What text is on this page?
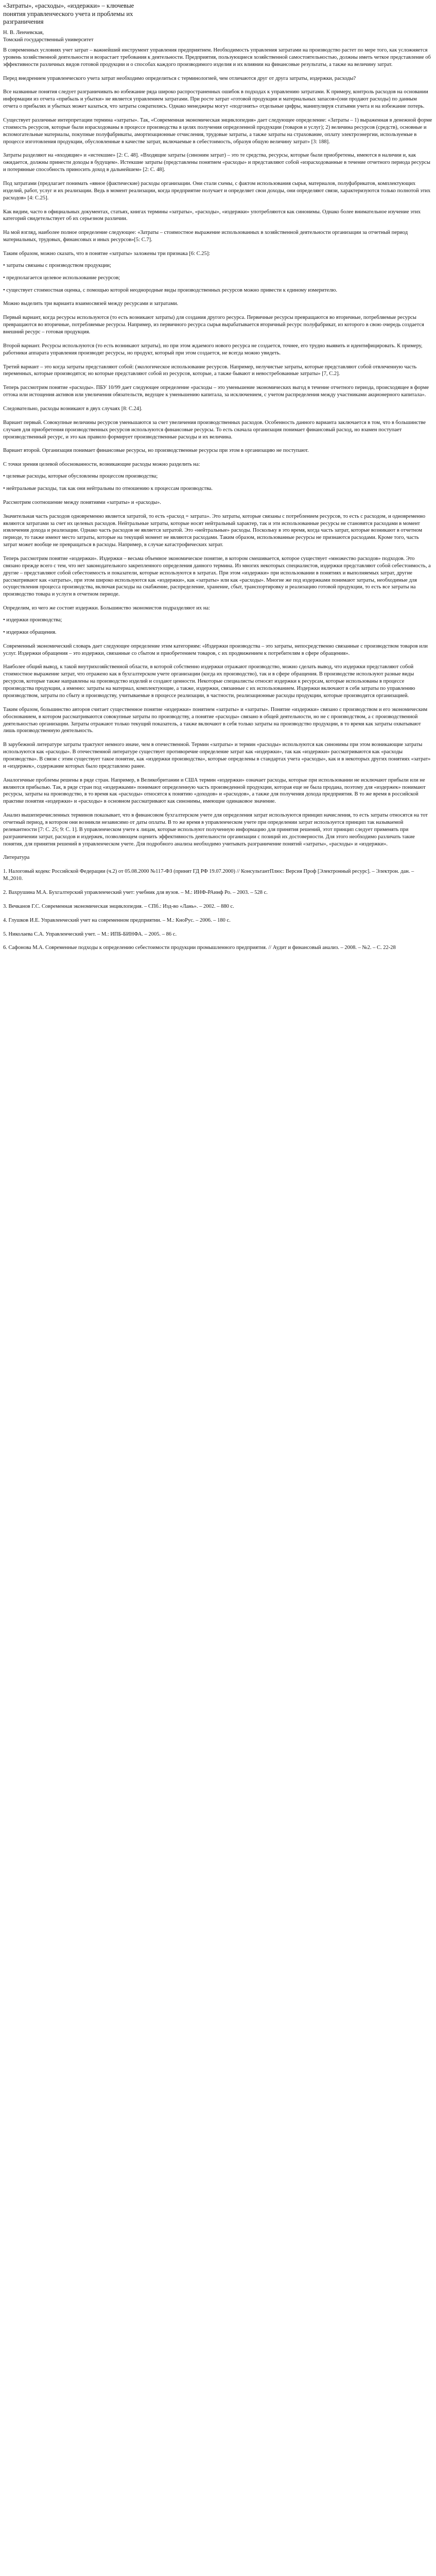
«Затраты», «расходы», «издержки» – ключевые понятия управленческого учета и проблемы их разграничения

Н. В. Ленчевская,

Томский государственный университет

В современных условиях учет затрат – важнейший инструмент управления предприятием. Необходимость управления затратами на производство растет по мере того, как усложняется уровень хозяйственной деятельности и возрастает требования к деятельности. Предприятия, пользующиеся хозяйственной самостоятельностью, должны иметь четкое представление об эффективности различных видов готовой продукции и о способах каждого производимого изделия и их влиянии на финансовые результаты, а также на величину затрат.

Перед внедрением управленческого учета затрат необходимо определиться с терминологией, чем отличаются друг от друга затраты, издержки, расходы?

Все названные понятия следует разграничивать во избежание ряда широко распространенных ошибок в подходах к управлению затратами. К примеру, контроль расходов на основании информации из отчета «прибыль и убытки» не является управлением затратами. При росте затрат «готовой продукции и материальных запасов»(они продают расходы) по данным отчета о прибылях и убытках может казаться, что затраты сократились. Однако менеджеры могут «подгонять» отдельные цифры, манипулируя статьями учета и на избежание потерь.

Существует различные интерпретации термина «затраты». Так, «Современная экономическая энциклопедия» дает следующее определение: «Затраты – 1) выраженная в денежной форме стоимость ресурсов, которые были израсходованы в процессе производства в целях получения определенной продукции (товаров и услуг); 2) величина ресурсов (средств), основные и вспомогательные материалы, покупные полуфабрикаты, амортизационные отчисления, трудовые затраты, а также затраты на страхование, оплату электроэнергии, используемые в процессе изготовления продукции, обусловленные в качестве затрат, включаемые в себестоимость, образуя общую величину затрат» [3: 188].

Затраты разделяют на «входящие» и «истекшие» [2: С. 48]. «Входящие затраты (синоним затрат) – это те средства, ресурсы, которые были приобретены, имеются в наличии и, как ожидается, должны принести доходы в будущем». Истекшие затраты (представлены понятием «расходы» и представляют собой «израсходованные в течение отчетного периода ресурсы и потерянные способность приносить доход в дальнейшем» [2: С. 48].

Под затратами (предлагает понимать «явное (фактические) расходы организации. Они стали схемы, с фактом использования сырья, материалов, полуфабрикатов, комплектующих изделий, работ, услуг и их реализации. Ведь в момент реализации, когда предприятие получает и определяет свои доходы, они определяют связи, характеризуются только полнотой этих расходов» [4: С.25].

Как видим, часто в официальных документах, статьях, книгах термины «затраты», «расходы», «издержки» употребляются как синонимы. Однако более внимательное изучение этих категорий свидетельствует об их серьезном различии.

На мой взгляд, наиболее полное определение следующее: «Затраты – стоимостное выражение использованных в хозяйственной деятельности организации за отчетный период материальных, трудовых, финансовых и иных ресурсов»[5: С.7].

Таким образом, можно сказать, что в понятие «затраты» заложены три признака [6: С.25]:

• затраты связаны с производством продукции;

• предполагается целевое использование ресурсов;

• существует стоимостная оценка, с помощью которой неоднородные виды производственных ресурсов можно привести к единому измерителю.

Можно выделить три варианта взаимосвязей между ресурсами и затратами.

Первый вариант, когда ресурсы используются (то есть возникают затраты) для создания другого ресурса. Первичные ресурсы превращаются во вторичные, потребляемые ресурсы превращаются во вторичные, потребляемые ресурсы. Например, из первичного ресурса сырья вырабатывается вторичный ресурс полуфабрикат, из которого в свою очередь создается внешний ресурс – готовая продукция.

Второй вариант. Ресурсы используются (то есть возникают затраты), но при этом ждаемого нового ресурса не создается, точнее, его трудно выявить и идентифицировать. К примеру, работники аппарата управления производят ресурсы, но продукт, который при этом создается, не всегда можно увидеть.

Третий вариант – это когда затраты представляют собой: (экологическое использование ресурсов. Например, нелучистые затраты, которые представляют собой отвлеченную часть переменных, которые производятся; но которые представляют собой из ресурсов, которые, а также бывают и невостребованные затраты» [7, С.2].

Теперь рассмотрим понятие «расходы». ПБУ 10/99 дает следующее определение «расходы – это уменьшение экономических выгод в течение отчетного периода, происходящее в форме оттока или истощения активов или увеличения обязательств, ведущее к уменьшению капитала, за исключением, с учетом распределения между участниками акционерного капитала».

Следовательно, расходы возникают в двух случаях [8: С.24].

Вариант первый. Совокупные величины ресурсов уменьшаются за счет увеличения производственных расходов. Особенность данного варианта заключается в том, что в большинстве случаев для приобретения производственных ресурсов используются финансовые ресурсы. То есть сначала организация понимает финансовый расход, но взамен поступает производственный ресурс, и это как правило формирует производственные расходы и их величина.

Вариант второй. Организация понимает финансовые ресурсы, но производственные ресурсы при этом в организацию не поступают.

С точки зрения целевой обоснованности, возникающие расходы можно разделить на:

• целевые расходы, которые обусловлены процессом производства;

• нейтральные расходы, так как они нейтральны по отношению к процессам производства.

Рассмотрим соотношение между понятиями «затраты» и «расходы».

Значительная часть расходов одновременно является затратой, то есть «расход = затрата». Это затраты, которые связаны с потреблением ресурсов, то есть с расходом, и одновременно являются затратами за счет их целевых расходов. Нейтральные затраты, которые носят нейтральный характер, так и эти использованные ресурсы не становятся расходами в момент извлечения дохода и реализации. Однако часть расходов не является затратой. Это «нейтральные» расходы. Поскольку в это время, когда часть затрат, которые возникают в отчетном периоде, то также имеют место затраты, которые на текущий момент не являются расходами. Таким образом, использованные ресурсы не признаются расходами. Кроме того, часть затрат может вообще не превращаться в расходы. Например, в случае катастрофических затрат.

Теперь рассмотрим понятие «издержки». Издержки – весьма объемное экономическое понятие, в котором смешивается, которое существует «множество расходов» подходов. Это связано прежде всего с тем, что нет законодательного закрепленного определения данного термина. Из многих некоторых специалистов, издержки представляют собой себестоимость, а другие – представляют собой себестоимость и показатели, которые используются в затратах. При этом «издержки» при использовании в понятиях и выполняемых затрат, другие рассматривают как «затраты», при этом широко используются как «издержки», как «затраты» или как «расходы». Многие же под издержками понимают затраты, необходимые для осуществления процесса производства, включая расходы на снабжение, распределение, хранение, сбыт, транспортировку и реализацию готовой продукции, то есть все затраты на производство товара и услуги в отчетном периоде.

Определим, из чего же состоят издержки. Большинство экономистов подразделяют их на:

• издержки производства;

• издержки обращения.

Современный экономический словарь дает следующее определение этим категориям: «Издержки производства – это затраты, непосредственно связанные с производством товаров или услуг. Издержки обращения – это издержки, связанные со сбытом и приобретением товаров, с их продвижением к потребителям в сфере обращения».

Наиболее общий вывод, к такой внутрихозяйственной области, в которой собственно издержки отражают производство, можно сделать вывод, что издержки представляют собой стоимостное выражение затрат, что отражено как в бухгалтерском учете организации (когда их производство), так и в сфере обращения. В производстве используют разные виды ресурсов, которые также направлены на производство изделий и создают ценности. Некоторые специалисты относят издержки к ресурсам, которые использованы в процессе производства продукции, а именно: затраты на материал, комплектующие, а также, издержки, связанные с их использованием. Издержки включают в себя затраты по управлению производством, затраты по сбыту и производству, учитываемые в процессе реализации, в частности, реализационные расходы продукции, которые производятся организацией.

Таким образом, большинство авторов считает существенное понятие «издержки» понятием «затраты» и «затраты». Понятие «издержки» связано с производством и его экономическим обоснованием, в котором рассматриваются совокупные затраты по производству, а понятие «расходы» связано в общей деятельности, но не с производством, а с производственной деятельностью организации. Затраты отражают только текущий показатель, а также включают в себя только затраты на производство продукции, в то время как затраты охватывают лишь производственную деятельность.

В зарубежной литературе затраты трактуют немного иначе, чем в отечественной. Термин «затраты» и термин «расходы» используются как синонимы при этом возникающие затраты используются как «расходы». В отечественной литературе существует противоречие определение затрат как «издержки», так как «издержки» рассматриваются как «расходы производства». В связи с этим существует такое понятие, как «издержки производства», которые определены в стандартах учета «расходы», как и в некоторых других понятиях «затрат» и «издержек», содержание которых было представлено ранее.

Аналогичные проблемы решены в ряде стран. Например, в Великобритании и США термин «издержки» означает расходы, которые при использовании не исключают прибыли или не являются прибылью. Так, в ряде стран под «издержками» понимают определенную часть произведенной продукции, которая еще не была продана, поэтому для «издержек» понимают ресурсы, затраты на производство, в то время как «расходы» относятся к понятию «доходов» и «расходов», а также для получения дохода предприятия. В то же время в российской практике понятия «издержки» и «расходы» в основном рассматривают как синонимы, имеющие одинаковое значение.

Анализ вышеперечисленных терминов показывает, что в финансовом бухгалтерском учете для определения затрат используются принцип начисления, то есть затраты относятся на тот отчетный период, в котором они возникли независимо от даты оплаты. В то же время в управленческом учете при определении затрат используется принцип так называемой релевантности [7: С. 25; 9: С. 1]. В управленческом учете к лицам, которые используют полученную информацию для принятия решений, этот принцип следует применять при разграничении затрат, расходов и издержек, позволяющем оценить эффективность деятельности организации с позиций их достоверности. Для этого необходимо различать такие понятия, для принятия решений в управленческом учете. Для подробного анализа необходимо учитывать разграничение понятий «затраты», «расходы» и «издержки».

Литература

1. Налоговый кодекс Российской Федерации (ч.2) от 05.08.2000 №117-ФЗ (принят ГД РФ 19.07.2000) // КонсультантПлюс: Версия Проф [Электронный ресурс]. – Электрон. дан. – М.,2010.

2. Вахрушина М.А. Бухгалтерский управленческий учет: учебник для вузов. – М.: ИНФ-РАинф Ро. – 2003. – 528 с.

3. Вечканов Г.С. Современная экономическая энциклопедия. – СПб.: Изд-во «Лань». – 2002. – 880 с.

4. Глушков И.Е. Управленческий учет на современном предприятии. – М.: КноРус. – 2006. – 180 с.

5. Николаева С.А. Управленческий учет. – М.: ИПБ-БИНФА. – 2005. – 86 с.

6. Сафонова М.А. Современные подходы к определению себестоимости продукции промышленного предприятия. // Аудит и финансовый анализ. – 2008. – №2. – С. 22-28
